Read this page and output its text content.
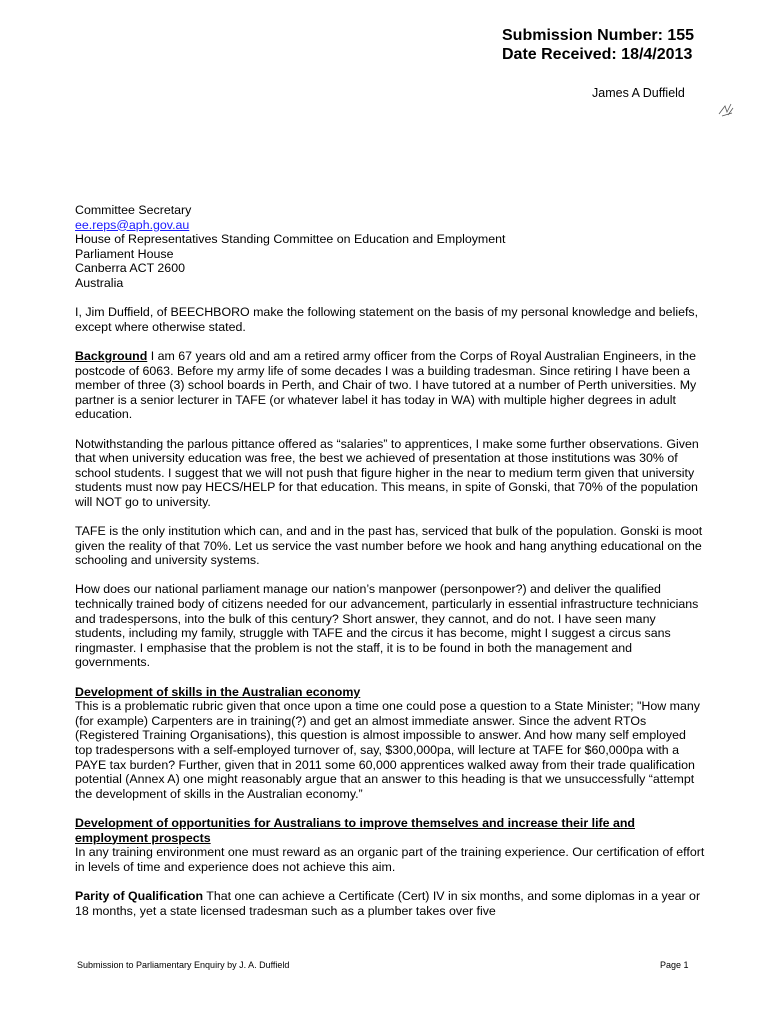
Submission Number: 155
Date Received: 18/4/2013
James A Duffield

Committee Secretary
ee.reps@aph.gov.au
House of Representatives Standing Committee on Education and Employment
Parliament House
Canberra ACT 2600
Australia

I, Jim Duffield, of BEECHBORO make the following statement on the basis of my personal knowledge and beliefs, except where otherwise stated.

Background I am 67 years old and am a retired army officer from the Corps of Royal Australian Engineers, in the postcode of 6063. Before my army life of some decades I was a building tradesman. Since retiring I have been a member of three (3) school boards in Perth, and Chair of two. I have tutored at a number of Perth universities. My partner is a senior lecturer in TAFE (or whatever label it has today in WA) with multiple higher degrees in adult education.

Notwithstanding the parlous pittance offered as “salaries” to apprentices, I make some further observations. Given that when university education was free, the best we achieved of presentation at those institutions was 30% of school students. I suggest that we will not push that figure higher in the near to medium term given that university students must now pay HECS/HELP for that education. This means, in spite of Gonski, that 70% of the population will NOT go to university.

TAFE is the only institution which can, and and in the past has, serviced that bulk of the population. Gonski is moot given the reality of that 70%. Let us service the vast number before we hook and hang anything educational on the schooling and university systems.

How does our national parliament manage our nation’s manpower (personpower?) and deliver the qualified technically trained body of citizens needed for our advancement, particularly in essential infrastructure technicians and tradespersons, into the bulk of this century? Short answer, they cannot, and do not. I have seen many students, including my family, struggle with TAFE and the circus it has become, might I suggest a circus sans ringmaster. I emphasise that the problem is not the staff, it is to be found in both the management and governments.

Development of skills in the Australian economy
This is a problematic rubric given that once upon a time one could pose a question to a State Minister; "How many (for example) Carpenters are in training(?) and get an almost immediate answer. Since the advent RTOs (Registered Training Organisations), this question is almost impossible to answer. And how many self employed top tradespersons with a self-employed turnover of, say, $300,000pa, will lecture at TAFE for $60,000pa with a PAYE tax burden? Further, given that in 2011 some 60,000 apprentices walked away from their trade qualification potential (Annex A) one might reasonably argue that an answer to this heading is that we unsuccessfully “attempt the development of skills in the Australian economy.”

Development of opportunities for Australians to improve themselves and increase their life and employment prospects
In any training environment one must reward as an organic part of the training experience. Our certification of effort in levels of time and experience does not achieve this aim.

Parity of Qualification That one can achieve a Certificate (Cert) IV in six months, and some diplomas in a year or 18 months, yet a state licensed tradesman such as a plumber takes over five

Submission to Parliamentary Enquiry by J. A. Duffield	Page 1
